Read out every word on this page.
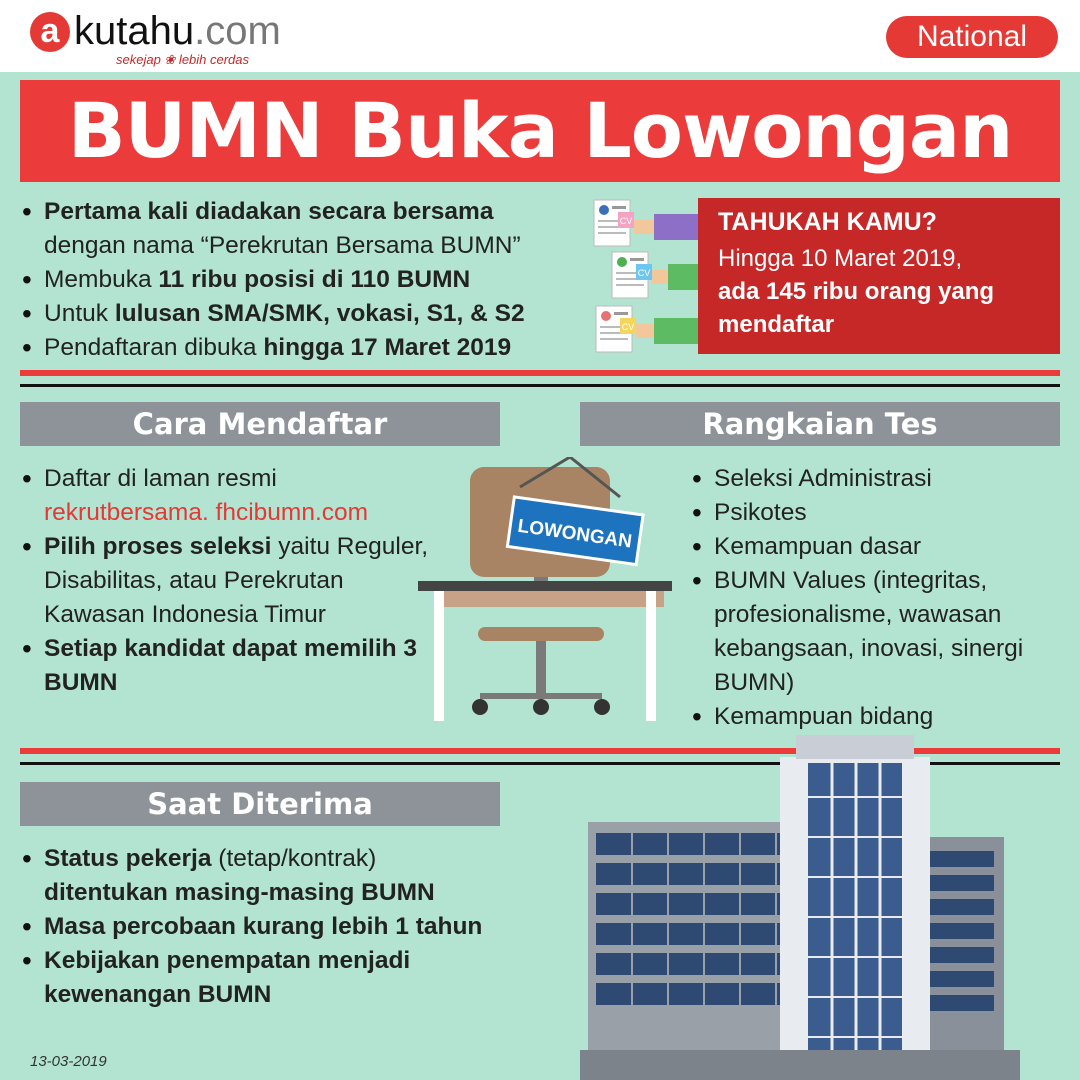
a kutahu.com
sekejap ❀ lebih cerdas
National
BUMN Buka Lowongan
• Pertama kali diadakan secara bersama
dengan nama “Perekrutan Bersama BUMN”
• Membuka 11 ribu posisi di 110 BUMN
• Untuk lulusan SMA/SMK, vokasi, S1, & S2
• Pendaftaran dibuka hingga 17 Maret 2019
CV
CV
CV
TAHUKAH KAMU?

Hingga 10 Maret 2019,
ada 145 ribu orang yang mendaftar

Cara Mendaftar
• Daftar di laman resmi
rekrutbersama. fhcibumn.com
• Pilih proses seleksi yaitu Reguler, Disabilitas, atau Perekrutan Kawasan Indonesia Timur
• Setiap kandidat dapat memilih 3 BUMN
LOWONGAN
Rangkaian Tes
• Seleksi Administrasi
• Psikotes
• Kemampuan dasar
• BUMN Values (integritas, profesionalisme, wawasan kebangsaan, inovasi, sinergi BUMN)
• Kemampuan bidang
Saat Diterima
• Status pekerja (tetap/kontrak)
ditentukan masing-masing BUMN
• Masa percobaan kurang lebih 1 tahun
• Kebijakan penempatan menjadi kewenangan BUMN
13-03-2019
